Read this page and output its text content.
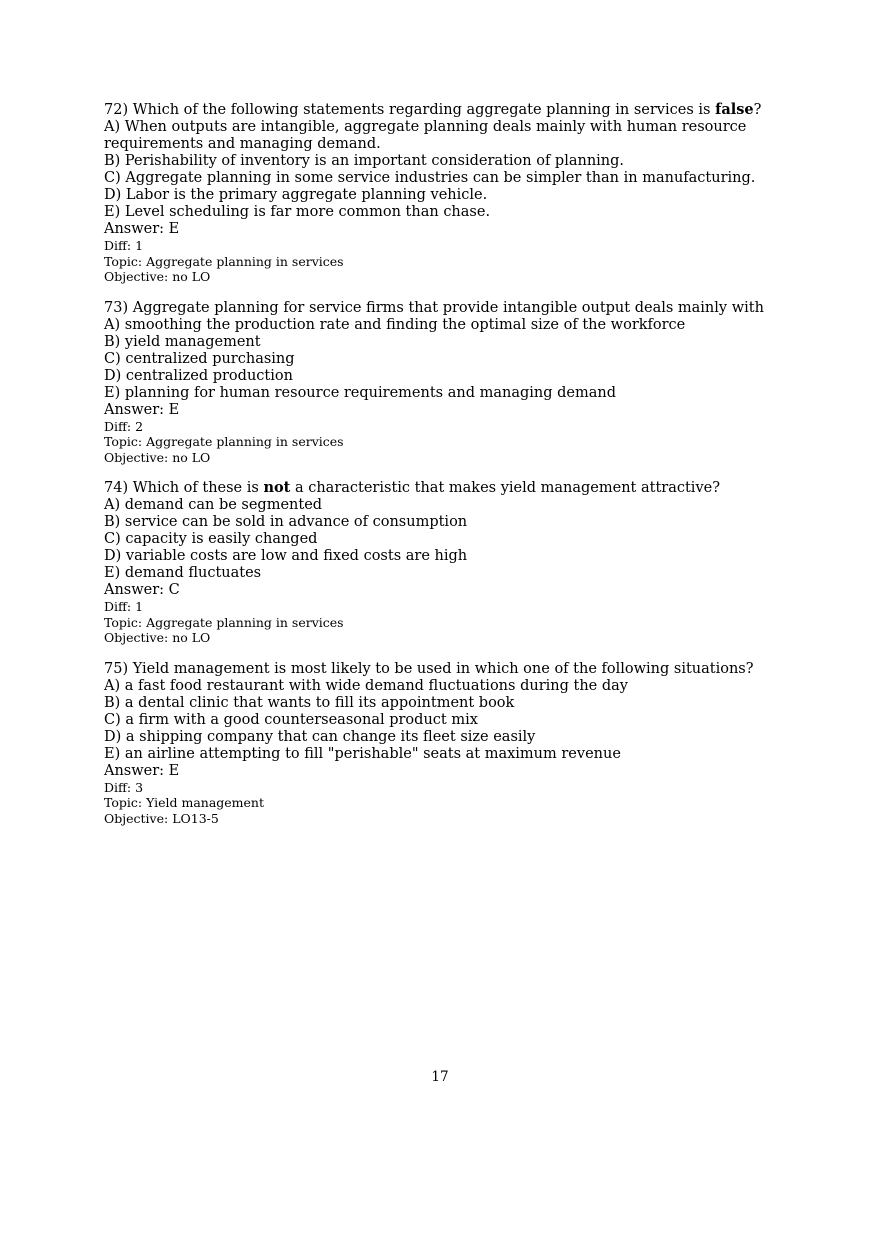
72) Which of the following statements regarding aggregate planning in services is false?
A) When outputs are intangible, aggregate planning deals mainly with human resource requirements and managing demand.
B) Perishability of inventory is an important consideration of planning.
C) Aggregate planning in some service industries can be simpler than in manufacturing.
D) Labor is the primary aggregate planning vehicle.
E) Level scheduling is far more common than chase.
Answer: E
Diff: 1
Topic: Aggregate planning in services
Objective: no LO
73) Aggregate planning for service firms that provide intangible output deals mainly with
A) smoothing the production rate and finding the optimal size of the workforce
B) yield management
C) centralized purchasing
D) centralized production
E) planning for human resource requirements and managing demand
Answer: E
Diff: 2
Topic: Aggregate planning in services
Objective: no LO
74) Which of these is not a characteristic that makes yield management attractive?
A) demand can be segmented
B) service can be sold in advance of consumption
C) capacity is easily changed
D) variable costs are low and fixed costs are high
E) demand fluctuates
Answer: C
Diff: 1
Topic: Aggregate planning in services
Objective: no LO
75) Yield management is most likely to be used in which one of the following situations?
A) a fast food restaurant with wide demand fluctuations during the day
B) a dental clinic that wants to fill its appointment book
C) a firm with a good counterseasonal product mix
D) a shipping company that can change its fleet size easily
E) an airline attempting to fill "perishable" seats at maximum revenue
Answer: E
Diff: 3
Topic: Yield management
Objective: LO13-5
17
